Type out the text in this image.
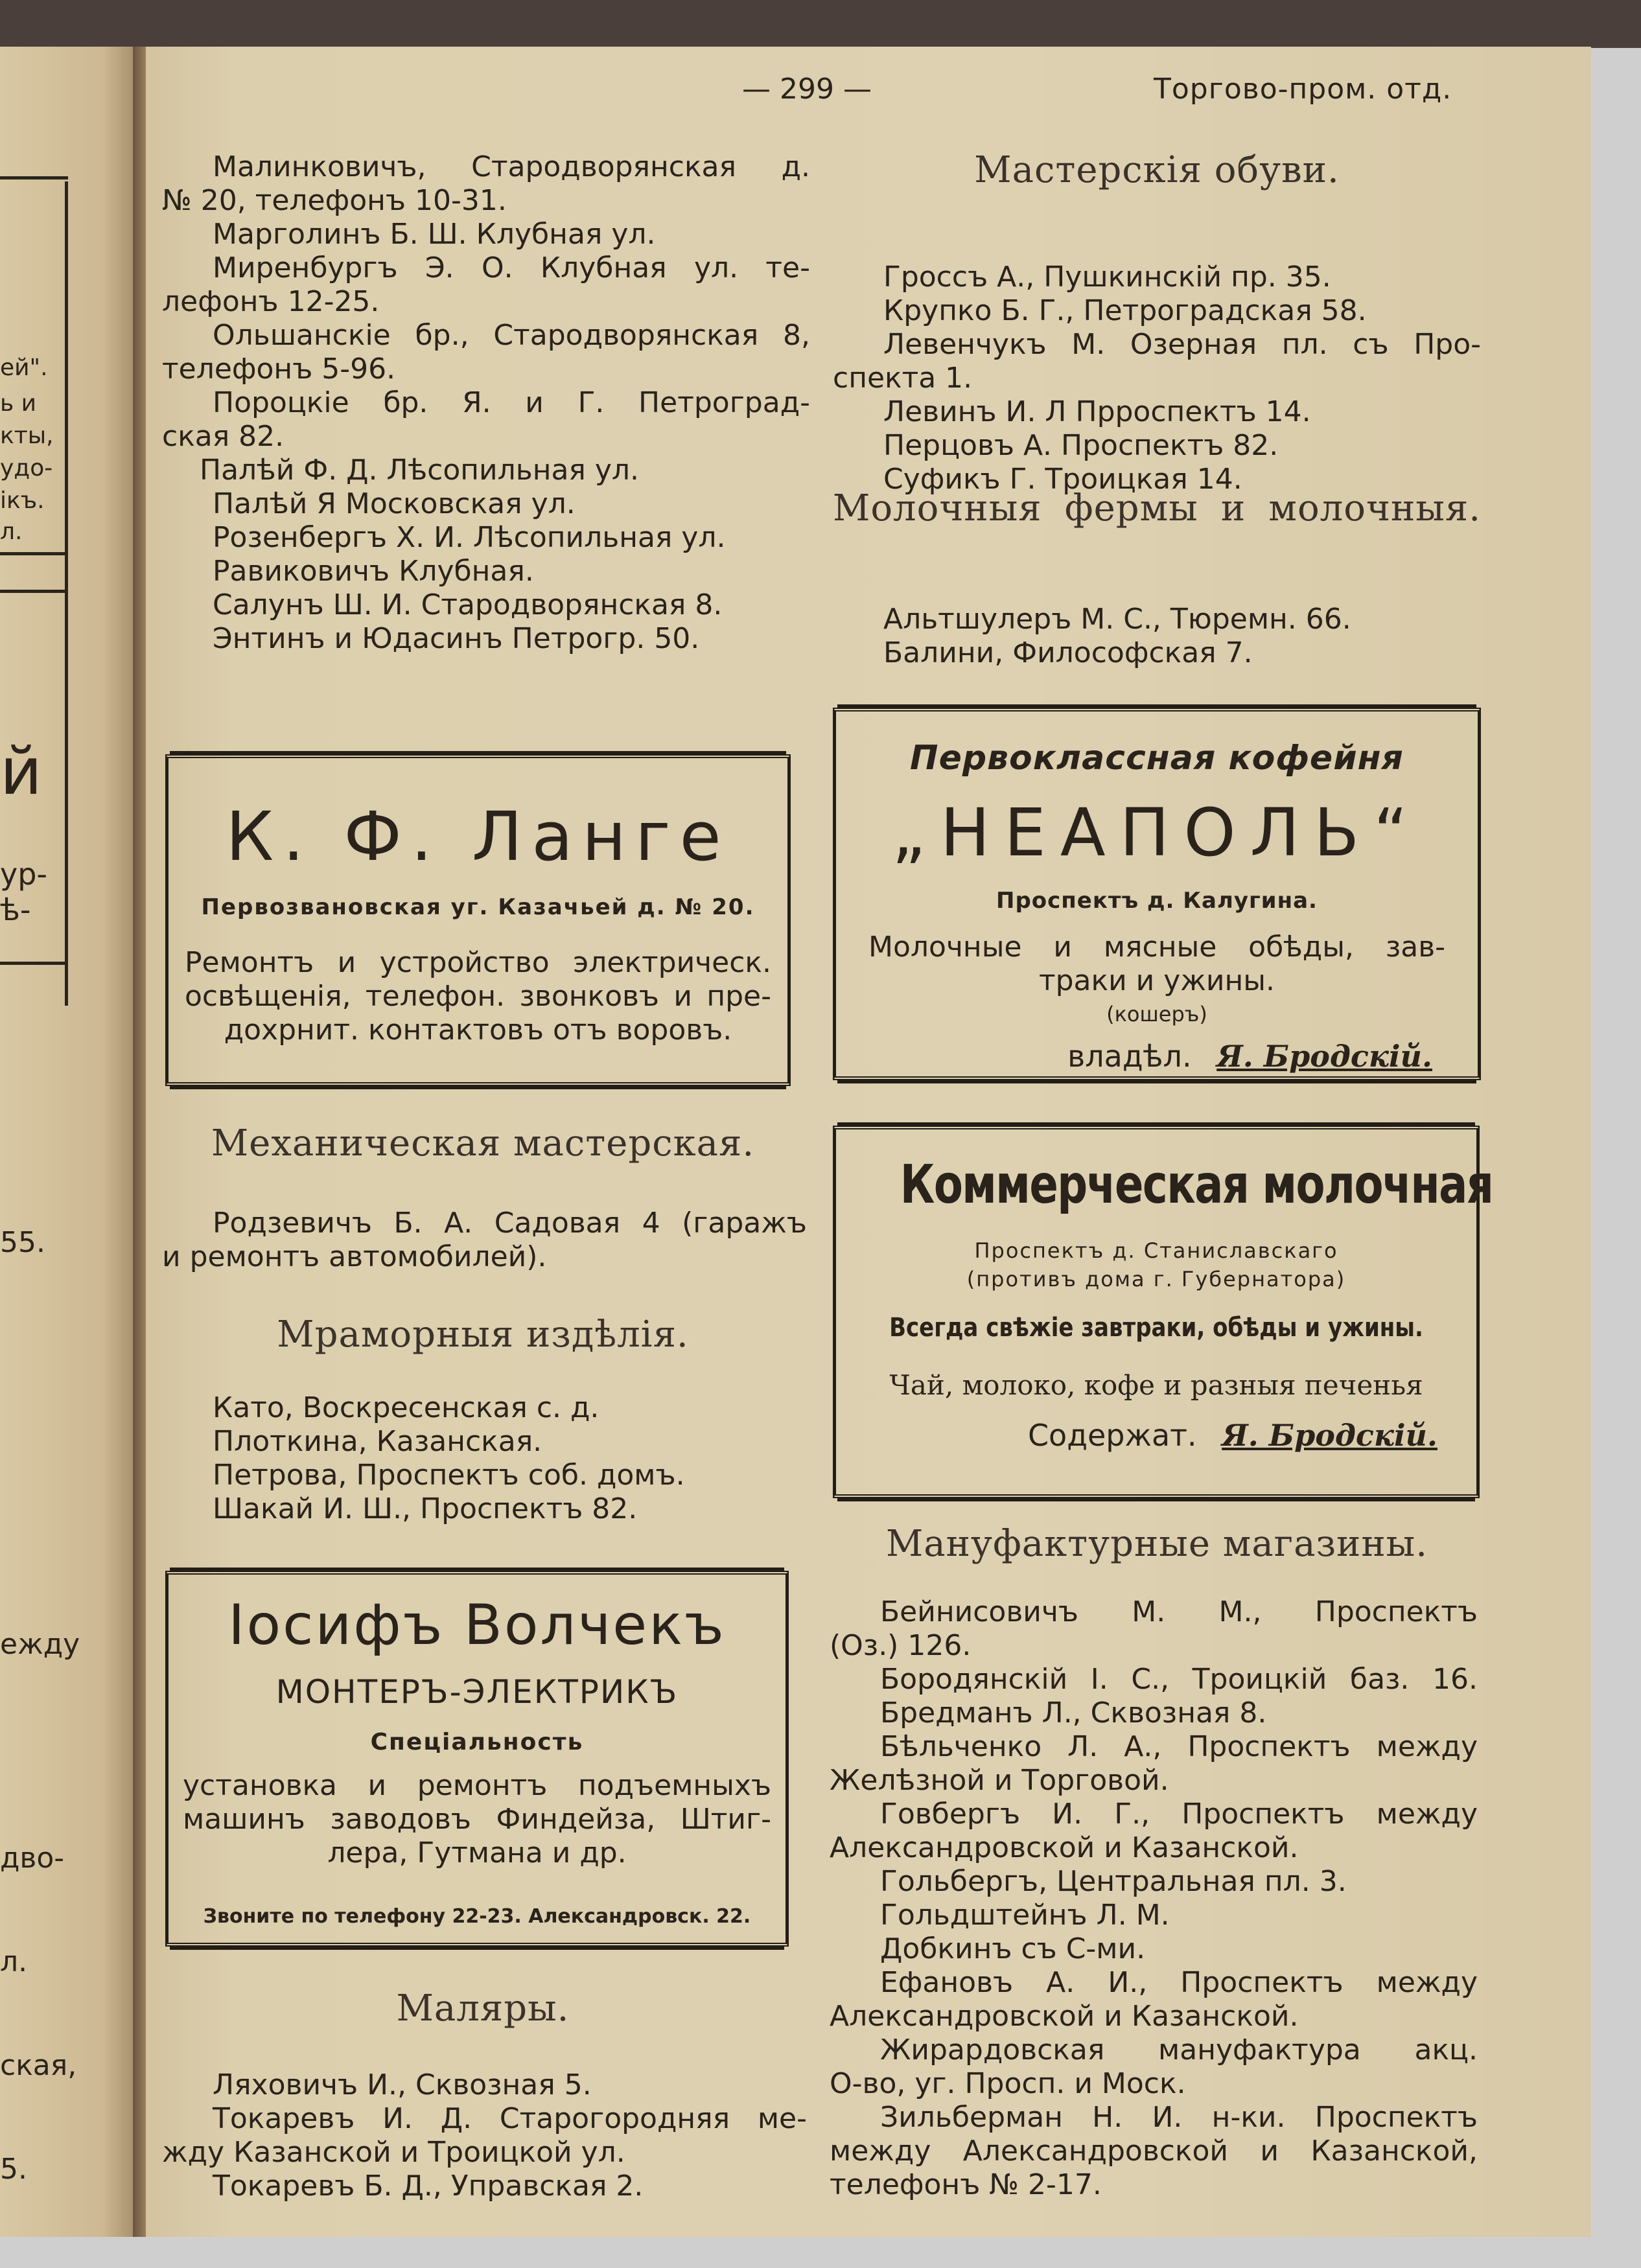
ей".
ь и
кты,
удо-
ікъ.
л.
й
ур-
ѣ-
55.
ежду
дво-
л.
ская,
5.
— 299 —	Торгово-пром. отд.
Малинковичъ, Стародворянская д.
№ 20, телефонъ 10-31.
Марголинъ Б. Ш. Клубная ул.
Миренбургъ Э. О. Клубная ул. те-
лефонъ 12-25.
Ольшанскіе бр., Стародворянская 8,
телефонъ 5-96.
Пороцкіе бр. Я. и Г. Петроград-
ская 82.
Палѣй Ф. Д. Лѣсопильная ул.
Палѣй Я Московская ул.
Розенбергъ Х. И. Лѣсопильная ул.
Равиковичъ Клубная.
Салунъ Ш. И. Стародворянская 8.
Энтинъ и Юдасинъ Петрогр. 50.
К. Ф. Ланге
Первозвановская уг. Казачьей д. № 20.
Ремонтъ и устройство электрическ.
освѣщенія, телефон. звонковъ и пре-
дохрнит. контактовъ отъ воровъ.
Механическая мастерская.
Родзевичъ Б. А. Садовая 4 (гаражъ
и ремонтъ автомобилей).
Мраморныя издѣлія.
Като, Воскресенская с. д.
Плоткина, Казанская.
Петрова, Проспектъ соб. домъ.
Шакай И. Ш., Проспектъ 82.
Іосифъ Волчекъ
МОНТЕРЪ-ЭЛЕКТРИКЪ
Спеціальность
установка и ремонтъ подъемныхъ
машинъ заводовъ Финдейза, Штиг-
лера, Гутмана и др.
Звоните по телефону 22-23. Александровск. 22.
Маляры.
Ляховичъ И., Сквозная 5.
Токаревъ И. Д. Старогородняя ме-
жду Казанской и Троицкой ул.
Токаревъ Б. Д., Управская 2.
Мастерскія обуви.
Гроссъ А., Пушкинскій пр. 35.
Крупко Б. Г., Петроградская 58.
Левенчукъ М. Озерная пл. съ Про-
спекта 1.
Левинъ И. Л Прроспектъ 14.
Перцовъ А. Проспектъ 82.
Суфикъ Г. Троицкая 14.
Молочныя фермы и молочныя.
Альтшулеръ М. С., Тюремн. 66.
Балини, Философская 7.
Первоклассная кофейня
„НЕАПОЛЬ“
Проспектъ д. Калугина.
Молочные и мясные обѣды, зав-
траки и ужины.
(кошеръ)
владѣл. Я. Бродскій.
Коммерческая молочная
Проспектъ д. Станиславскаго
(противъ дома г. Губернатора)
Всегда свѣжіе завтраки, обѣды и ужины.
Чай, молоко, кофе и разныя печенья
Содержат. Я. Бродскій.
Мануфактурные магазины.
Бейнисовичъ М. М., Проспектъ
(Оз.) 126.
Бородянскій І. С., Троицкій баз. 16.
Бредманъ Л., Сквозная 8.
Бѣльченко Л. А., Проспектъ между
Желѣзной и Торговой.
Говбергъ И. Г., Проспектъ между
Александровской и Казанской.
Гольбергъ, Центральная пл. 3.
Гольдштейнъ Л. М.
Добкинъ съ С-ми.
Ефановъ А. И., Проспектъ между
Александровской и Казанской.
Жирардовская мануфактура акц.
О-во, уг. Просп. и Моск.
Зильберман Н. И. н-ки. Проспектъ
между Александровской и Казанской,
телефонъ № 2-17.
